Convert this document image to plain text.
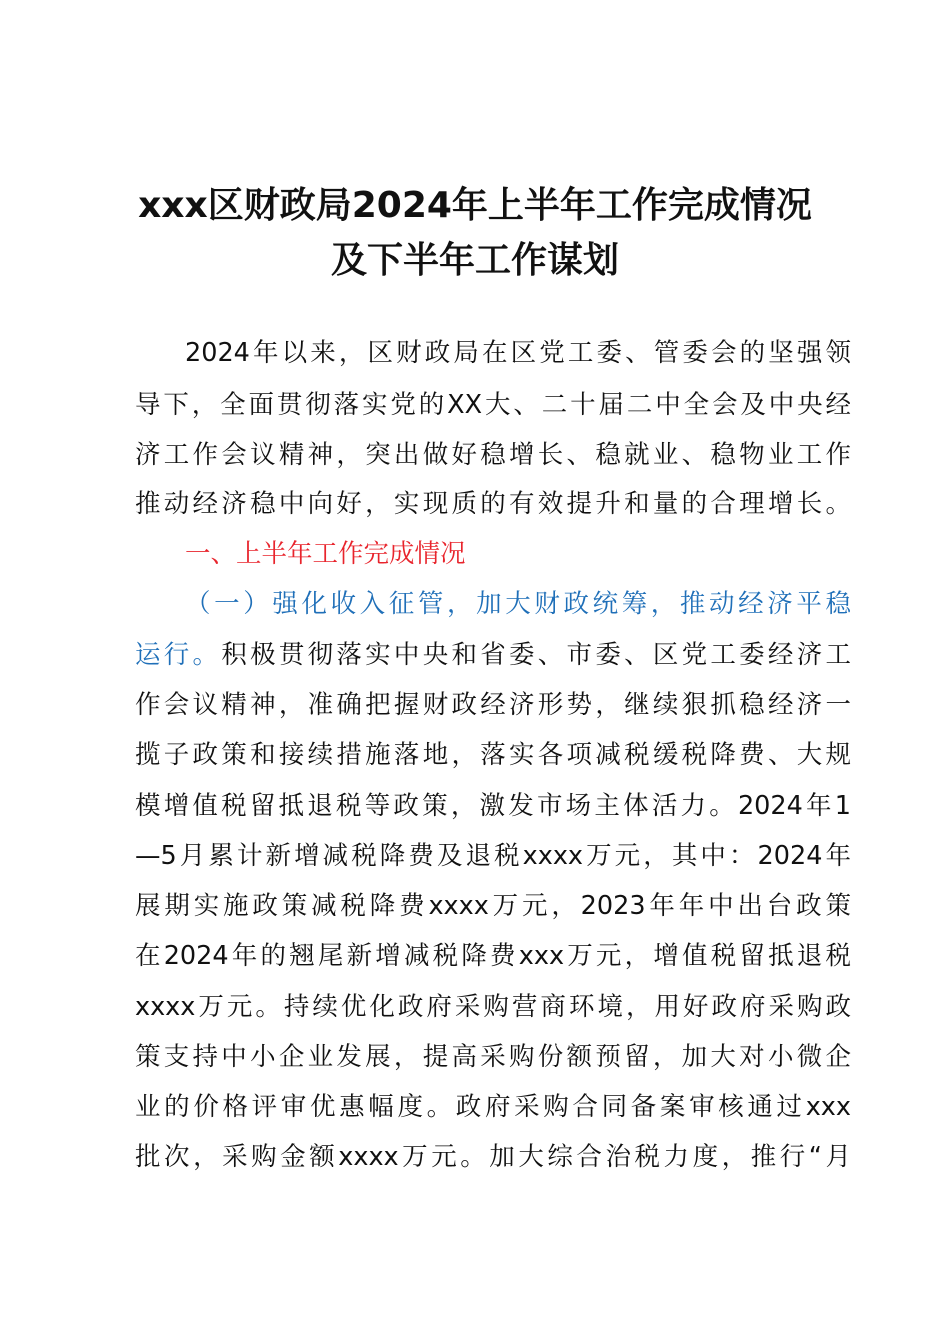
xxx区财政局2024年上半年工作完成情况
及下半年工作谋划
2024年以来，区财政局在区党工委、管委会的坚强领
导下，全面贯彻落实党的XX大、二十届二中全会及中央经
济工作会议精神，突出做好稳增长、稳就业、稳物业工作
推动经济稳中向好，实现质的有效提升和量的合理增长。
一、上半年工作完成情况
（一）强化收入征管，加大财政统筹，推动经济平稳
运行。积极贯彻落实中央和省委、市委、区党工委经济工
作会议精神，准确把握财政经济形势，继续狠抓稳经济一
揽子政策和接续措施落地，落实各项减税缓税降费、大规
模增值税留抵退税等政策，激发市场主体活力。2024年1
—5月累计新增减税降费及退税xxxx万元，其中：2024年
展期实施政策减税降费xxxx万元，2023年年中出台政策
在2024年的翘尾新增减税降费xxx万元，增值税留抵退税
xxxx万元。持续优化政府采购营商环境，用好政府采购政
策支持中小企业发展，提高采购份额预留，加大对小微企
业的价格评审优惠幅度。政府采购合同备案审核通过xxx
批次，采购金额xxxx万元。加大综合治税力度，推行“月
